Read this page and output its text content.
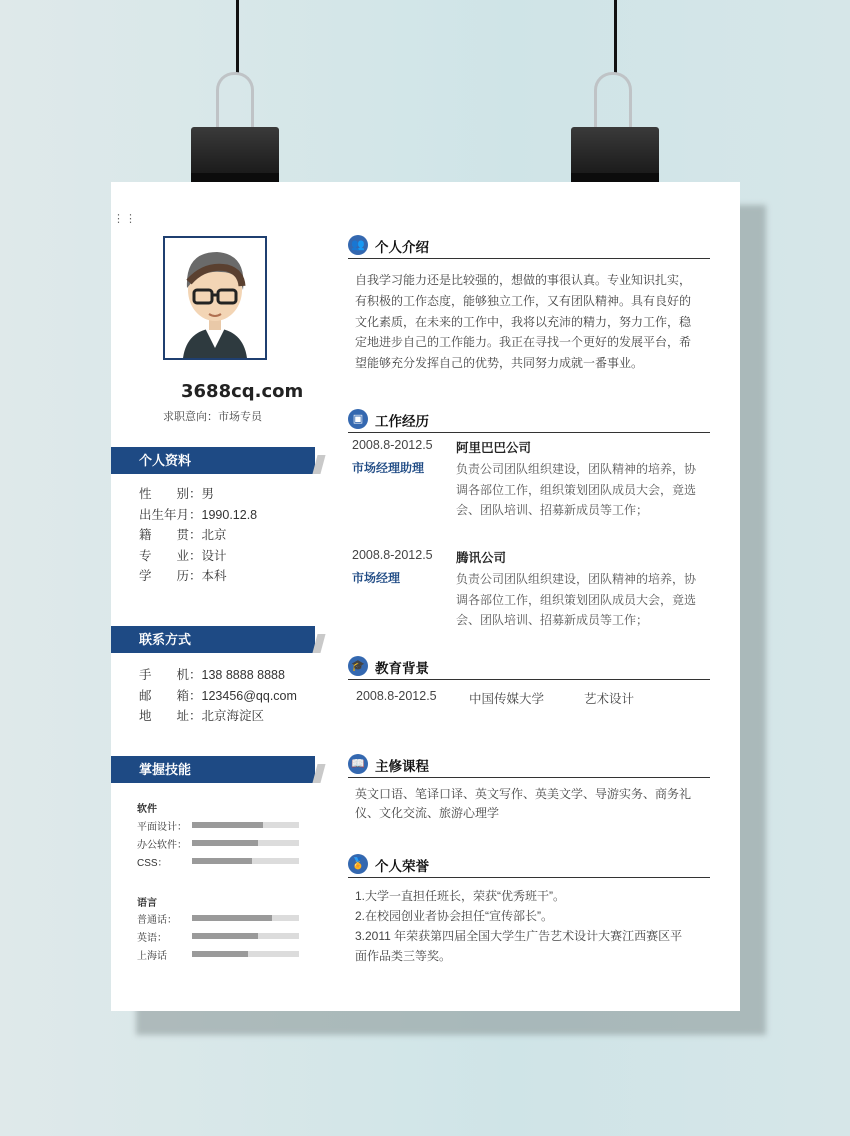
⋮⋮
3688cq.com
求职意向：市场专员
个人资料
性　　别：男
出生年月：1990.12.8
籍　　贯：北京
专　　业：设计
学　　历：本科
联系方式
手　　机：138 8888 8888
邮　　箱：123456@qq.com
地　　址：北京海淀区
掌握技能
软件
平面设计：
办公软件：
CSS：
语言
普通话：
英语：
上海话
👥 个人介绍
自我学习能力还是比较强的，想做的事很认真。专业知识扎实，
有积极的工作态度，能够独立工作，又有团队精神。具有良好的
文化素质，在未来的工作中，我将以充沛的精力，努力工作，稳
定地进步自己的工作能力。我正在寻找一个更好的发展平台，希
望能够充分发挥自己的优势，共同努力成就一番事业。
▣ 工作经历
2008.8-2012.5
市场经理助理
阿里巴巴公司
负责公司团队组织建设，团队精神的培养，协
调各部位工作，组织策划团队成员大会，竟选
会、团队培训、招募新成员等工作；
2008.8-2012.5
市场经理
腾讯公司
负责公司团队组织建设，团队精神的培养，协
调各部位工作，组织策划团队成员大会，竟选
会、团队培训、招募新成员等工作；
🎓 教育背景
2008.8-2012.5	中国传媒大学	艺术设计
📖 主修课程
英文口语、笔译口译、英文写作、英美文学、导游实务、商务礼
仪、文化交流、旅游心理学
🏅 个人荣誉
1.大学一直担任班长，荣获“优秀班干”。
2.在校园创业者协会担任“宣传部长”。
3.2011 年荣获第四届全国大学生广告艺术设计大赛江西赛区平
面作品类三等奖。
